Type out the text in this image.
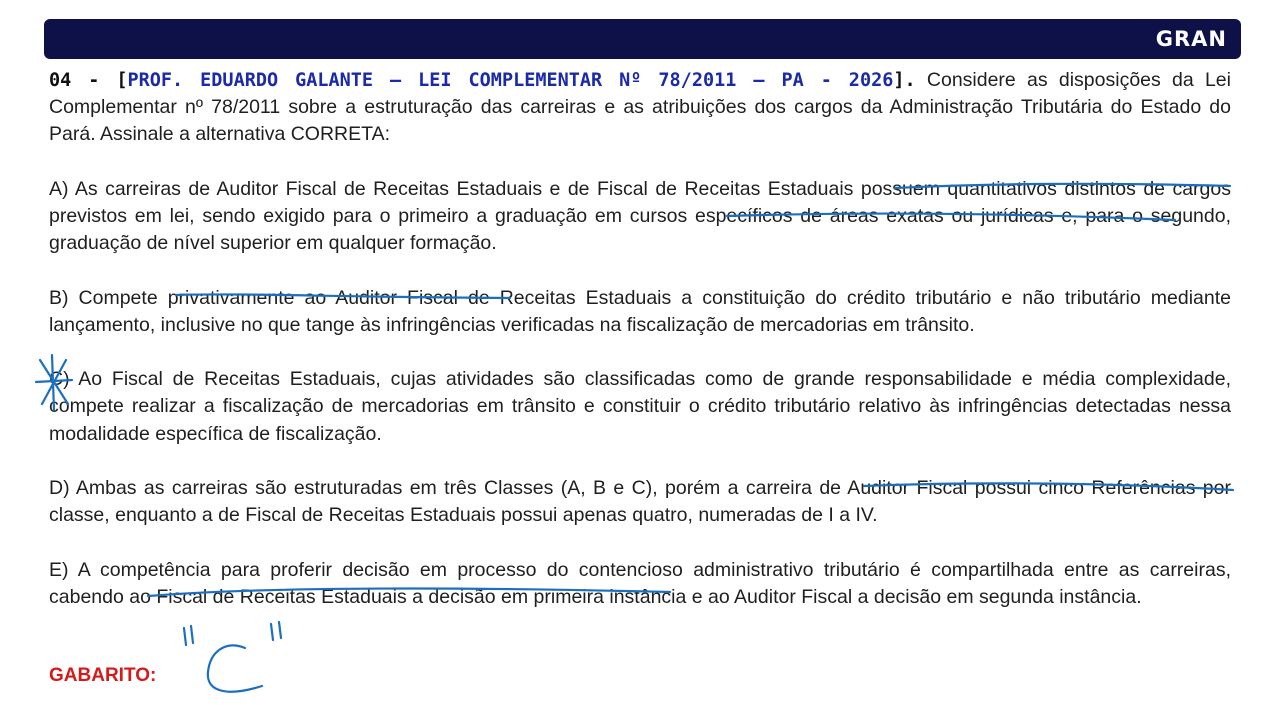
GRAN

04 - [PROF. EDUARDO GALANTE – LEI COMPLEMENTAR Nº 78/2011 – PA - 2026]. Considere as disposições da Lei Complementar nº 78/2011 sobre a estruturação das carreiras e as atribuições dos cargos da Administração Tributária do Estado do Pará. Assinale a alternativa CORRETA:

A) As carreiras de Auditor Fiscal de Receitas Estaduais e de Fiscal de Receitas Estaduais possuem quantitativos distintos de cargos previstos em lei, sendo exigido para o primeiro a graduação em cursos específicos de áreas exatas ou jurídicas e, para o segundo, graduação de nível superior em qualquer formação.

B) Compete privativamente ao Auditor Fiscal de Receitas Estaduais a constituição do crédito tributário e não tributário mediante lançamento, inclusive no que tange às infringências verificadas na fiscalização de mercadorias em trânsito.

C) Ao Fiscal de Receitas Estaduais, cujas atividades são classificadas como de grande responsabilidade e média complexidade, compete realizar a fiscalização de mercadorias em trânsito e constituir o crédito tributário relativo às infringências detectadas nessa modalidade específica de fiscalização.

D) Ambas as carreiras são estruturadas em três Classes (A, B e C), porém a carreira de Auditor Fiscal possui cinco Referências por classe, enquanto a de Fiscal de Receitas Estaduais possui apenas quatro, numeradas de I a IV.

E) A competência para proferir decisão em processo do contencioso administrativo tributário é compartilhada entre as carreiras, cabendo ao Fiscal de Receitas Estaduais a decisão em primeira instância e ao Auditor Fiscal a decisão em segunda instância.

GABARITO:
